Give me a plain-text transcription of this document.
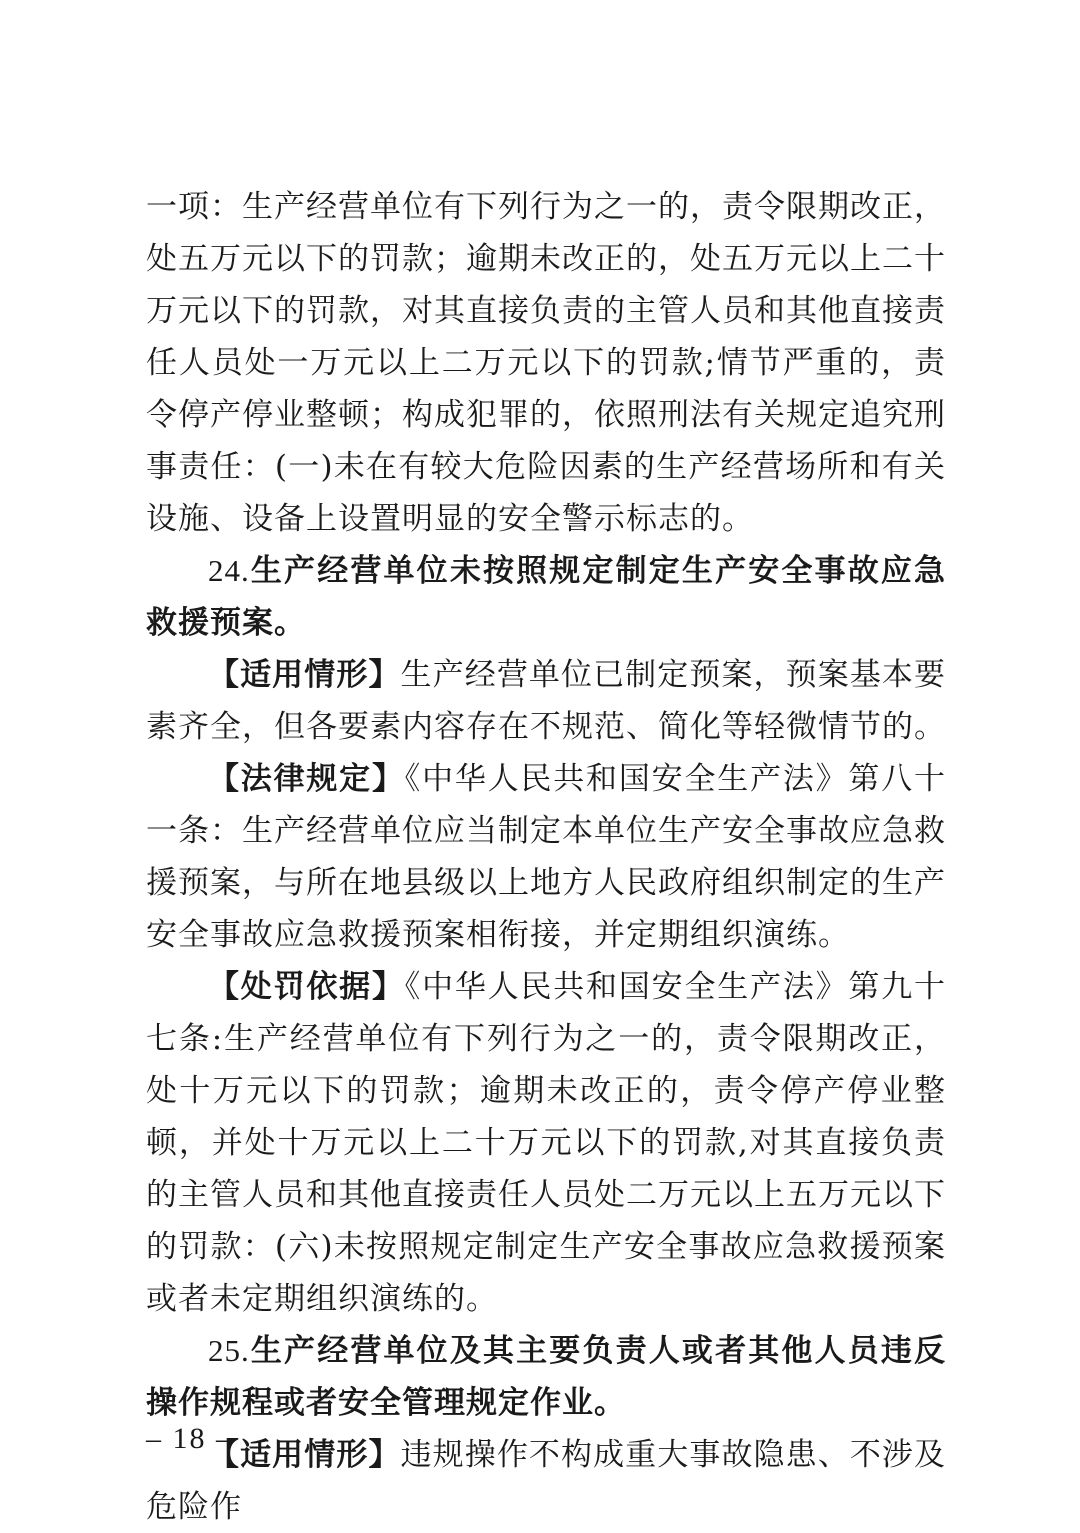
一项：生产经营单位有下列行为之一的，责令限期改正，处五万元以下的罚款；逾期未改正的，处五万元以上二十万元以下的罚款，对其直接负责的主管人员和其他直接责任人员处一万元以上二万元以下的罚款;情节严重的，责令停产停业整顿；构成犯罪的，依照刑法有关规定追究刑事责任：(一)未在有较大危险因素的生产经营场所和有关设施、设备上设置明显的安全警示标志的。

24.生产经营单位未按照规定制定生产安全事故应急救援预案。

【适用情形】生产经营单位已制定预案，预案基本要素齐全，但各要素内容存在不规范、简化等轻微情节的。

【法律规定】《中华人民共和国安全生产法》第八十一条：生产经营单位应当制定本单位生产安全事故应急救援预案，与所在地县级以上地方人民政府组织制定的生产安全事故应急救援预案相衔接，并定期组织演练。

【处罚依据】《中华人民共和国安全生产法》第九十七条:生产经营单位有下列行为之一的，责令限期改正，处十万元以下的罚款；逾期未改正的，责令停产停业整顿，并处十万元以上二十万元以下的罚款,对其直接负责的主管人员和其他直接责任人员处二万元以上五万元以下的罚款：(六)未按照规定制定生产安全事故应急救援预案或者未定期组织演练的。

25.生产经营单位及其主要负责人或者其他人员违反操作规程或者安全管理规定作业。

【适用情形】违规操作不构成重大事故隐患、不涉及危险作

– 18 –
